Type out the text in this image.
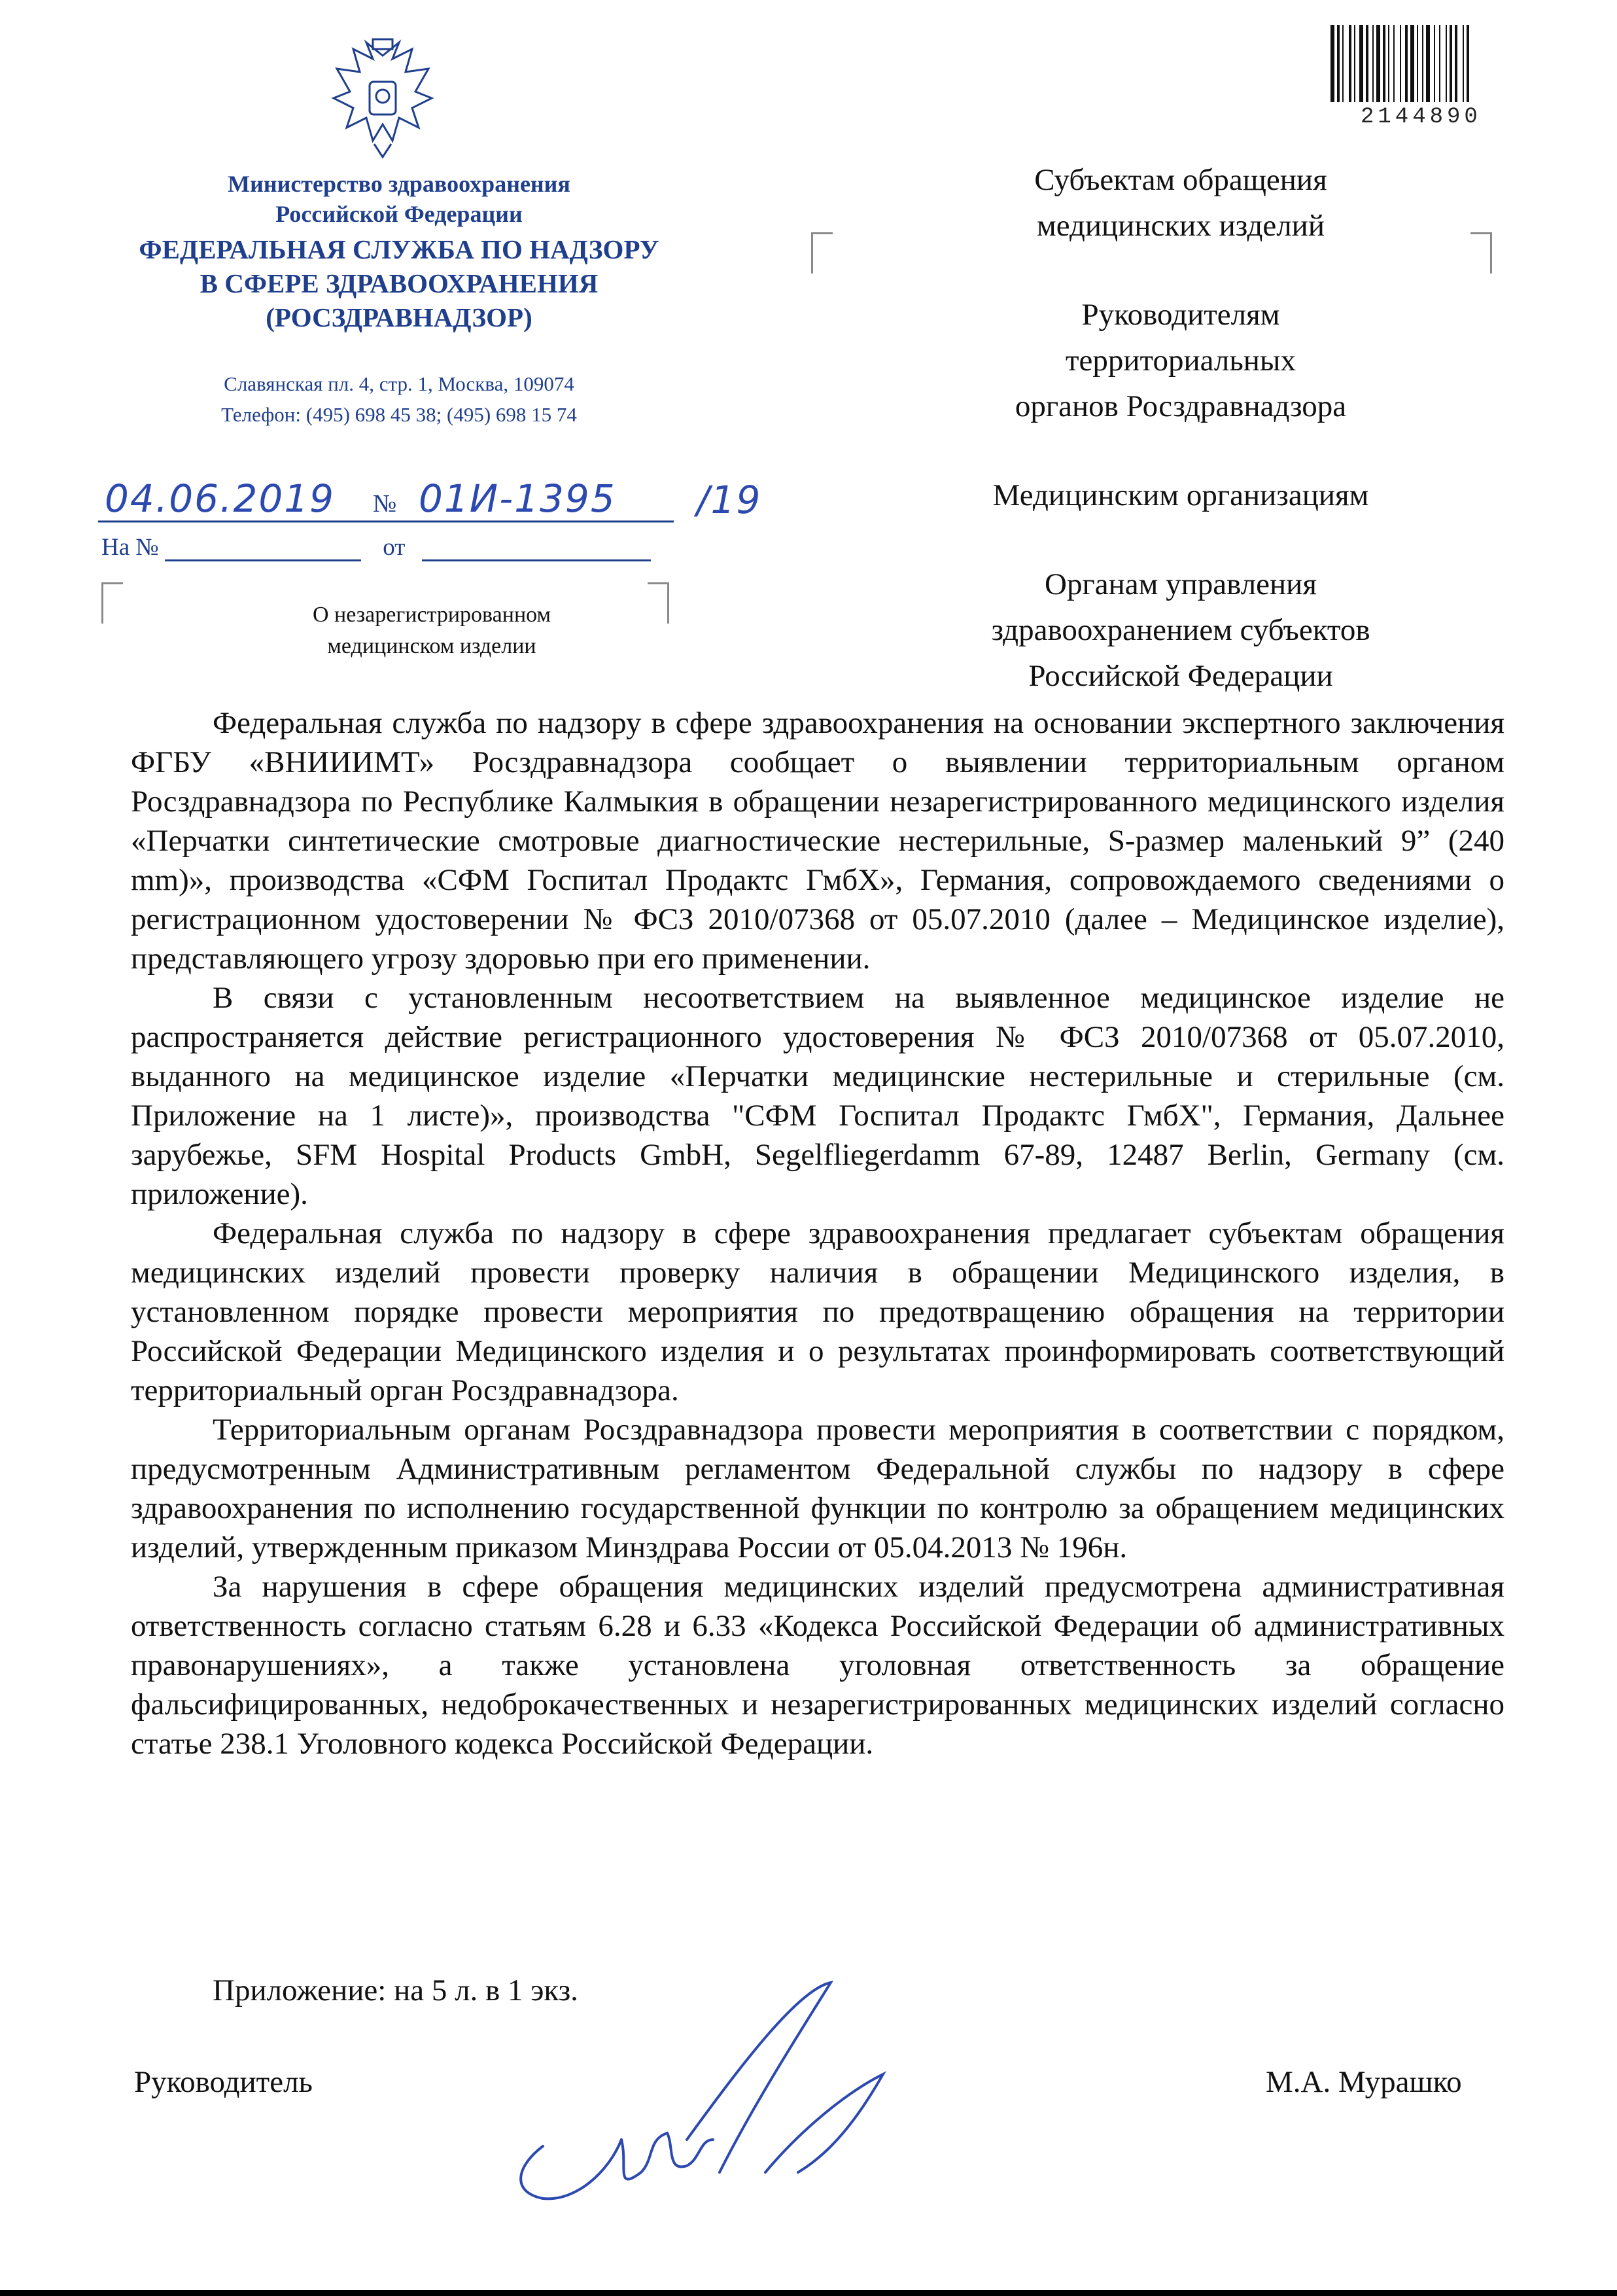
Министерство здравоохранения
Российской Федерации
ФЕДЕРАЛЬНАЯ СЛУЖБА ПО НАДЗОРУ
В СФЕРЕ ЗДРАВООХРАНЕНИЯ
(РОСЗДРАВНАДЗОР)
Славянская пл. 4, стр. 1, Москва, 109074
Телефон: (495) 698 45 38; (495) 698 15 74
04.06.2019 № 01И-1395 /19
На №	от
О незарегистрированном
медицинском изделии
2144890
Субъектам обращения
медицинских изделий
Руководителям
территориальных
органов Росздравнадзора
Медицинским организациям
Органам управления
здравоохранением субъектов
Российской Федерации

Федеральная служба по надзору в сфере здравоохранения на основании экспертного заключения ФГБУ «ВНИИИМТ» Росздравнадзора сообщает о выявлении территориальным органом Росздравнадзора по Республике Калмыкия в обращении незарегистрированного медицинского изделия «Перчатки синтетические смотровые диагностические нестерильные, S-размер маленький 9” (240 mm)», производства «СФМ Госпитал Продактс ГмбХ», Германия, сопровождаемого сведениями о регистрационном удостоверении № ФСЗ 2010/07368 от 05.07.2010 (далее – Медицинское изделие), представляющего угрозу здоровью при его применении.

В связи с установленным несоответствием на выявленное медицинское изделие не распространяется действие регистрационного удостоверения № ФСЗ 2010/07368 от 05.07.2010, выданного на медицинское изделие «Перчатки медицинские нестерильные и стерильные (см. Приложение на 1 листе)», производства "СФМ Госпитал Продактс ГмбХ", Германия, Дальнее зарубежье, SFM Hospital Products GmbH, Segelfliegerdamm 67-89, 12487 Berlin, Germany (см. приложение).

Федеральная служба по надзору в сфере здравоохранения предлагает субъектам обращения медицинских изделий провести проверку наличия в обращении Медицинского изделия, в установленном порядке провести мероприятия по предотвращению обращения на территории Российской Федерации Медицинского изделия и о результатах проинформировать соответствующий территориальный орган Росздравнадзора.

Территориальным органам Росздравнадзора провести мероприятия в соответствии с порядком, предусмотренным Административным регламентом Федеральной службы по надзору в сфере здравоохранения по исполнению государственной функции по контролю за обращением медицинских изделий, утвержденным приказом Минздрава России от 05.04.2013 № 196н.

За нарушения в сфере обращения медицинских изделий предусмотрена административная ответственность согласно статьям 6.28 и 6.33 «Кодекса Российской Федерации об административных правонарушениях», а также установлена уголовная ответственность за обращение фальсифицированных, недоброкачественных и незарегистрированных медицинских изделий согласно статье 238.1 Уголовного кодекса Российской Федерации.

Приложение: на 5 л. в 1 экз.
Руководитель	М.А. Мурашко
